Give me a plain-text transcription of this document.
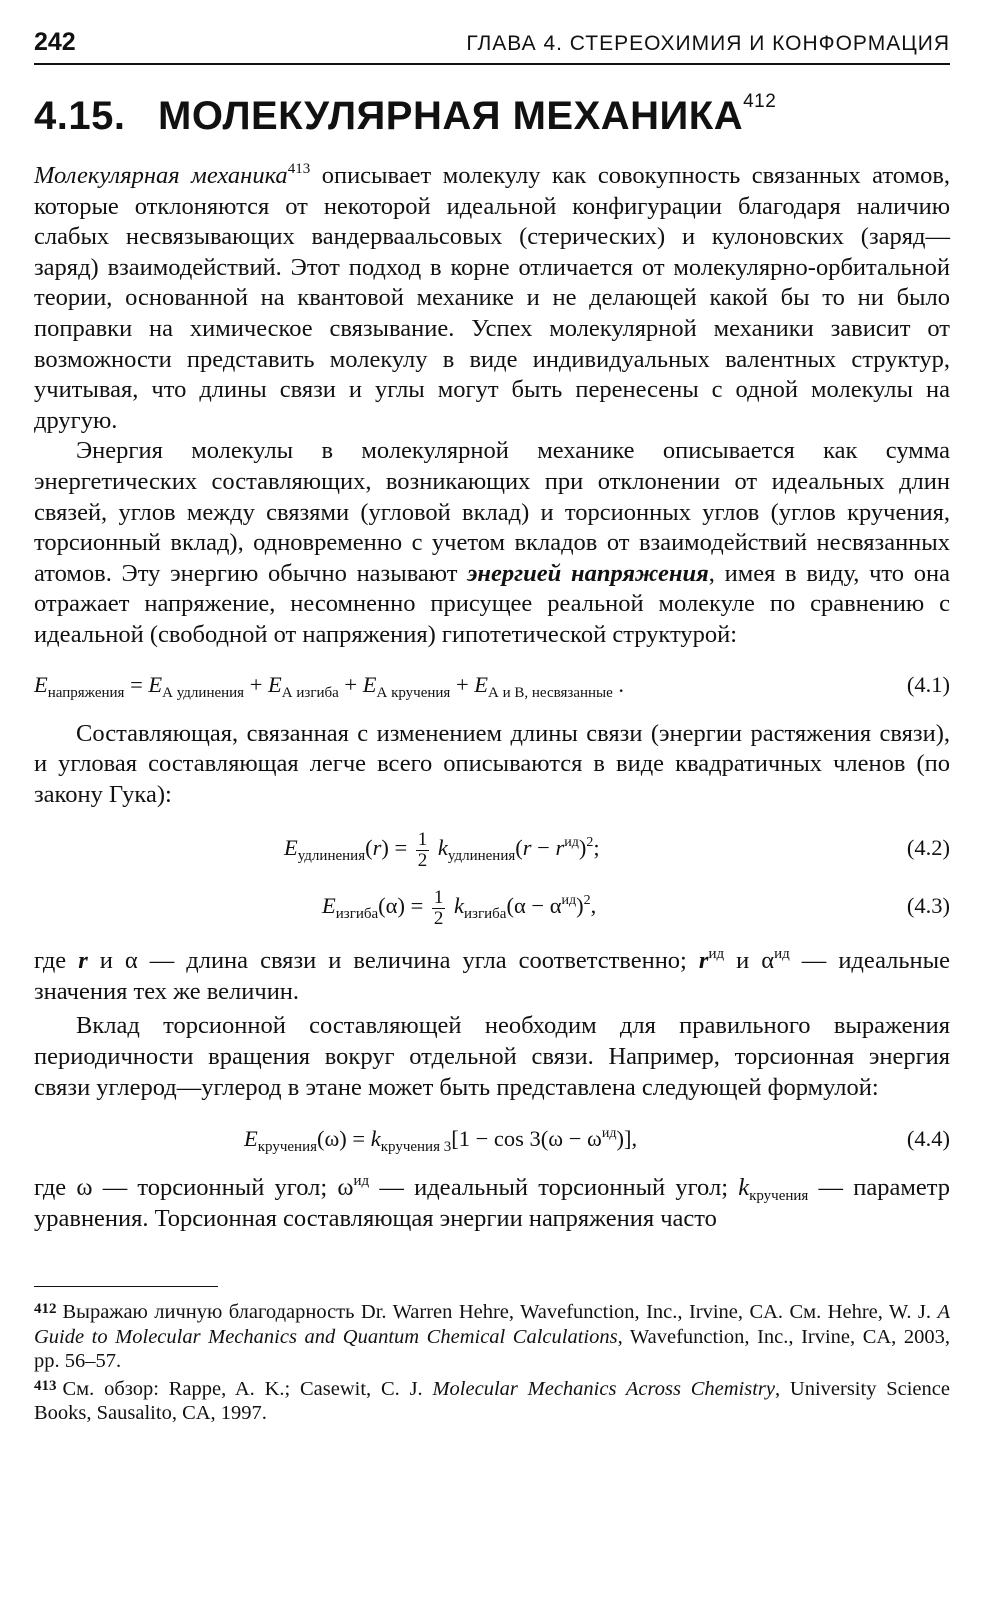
242	ГЛАВА 4. СТЕРЕОХИМИЯ И КОНФОРМАЦИЯ
4.15. МОЛЕКУЛЯРНАЯ МЕХАНИКА$^{412}$

Молекулярная механика$^{413}$ описывает молекулу как совокупность связанных атомов, которые отклоняются от некоторой идеальной конфигурации благодаря наличию слабых несвязывающих вандерваальсовых (стерических) и кулоновских (заряд—заряд) взаимодействий. Этот подход в корне отличается от молекулярно-орбитальной теории, основанной на квантовой механике и не делающей какой бы то ни было поправки на химическое связывание. Успех молекулярной механики зависит от возможности представить молекулу в виде индивидуальных валентных структур, учитывая, что длины связи и углы могут быть перенесены с одной молекулы на другую.

Энергия молекулы в молекулярной механике описывается как сумма энергетических составляющих, возникающих при отклонении от идеальных длин связей, углов между связями (угловой вклад) и торсионных углов (углов кручения, торсионный вклад), одновременно с учетом вкладов от взаимодействий несвязанных атомов. Эту энергию обычно называют энергией напряжения, имея в виду, что она отражает напряжение, несомненно присущее реальной молекуле по сравнению с идеальной (свободной от напряжения) гипотетической структурой:

$E_{напряжения} = E_{А удлинения} + E_{А изгиба} + E_{А кручения} + E_{А и В, несвязанные}$ .	(4.1)

Составляющая, связанная с изменением длины связи (энергии растяжения связи), и угловая составляющая легче всего описываются в виде квадратичных членов (по закону Гука):

$E_{удлинения}(r) = \frac{1}{2} k_{удлинения}(r - r^{ид})^2$;	(4.2)
$E_{изгиба}(\alpha) = \frac{1}{2} k_{изгиба}(\alpha - \alpha^{ид})^2$,	(4.3)

где r и α — длина связи и величина угла соответственно; r$^{ид}$ и α$^{ид}$ — идеальные значения тех же величин.

Вклад торсионной составляющей необходим для правильного выражения периодичности вращения вокруг отдельной связи. Например, торсионная энергия связи углерод—углерод в этане может быть представлена следующей формулой:

$E_{кручения}(\omega) = k_{кручения 3}[1 - \cos 3(\omega - \omega^{ид})]$,	(4.4)

где ω — торсионный угол; ω$^{ид}$ — идеальный торсионный угол; $k_{кручения}$ — параметр уравнения. Торсионная составляющая энергии напряжения часто

$^{412}$ Выражаю личную благодарность Dr. Warren Hehre, Wavefunction, Inc., Irvine, CA. См. Hehre, W. J. A Guide to Molecular Mechanics and Quantum Chemical Calculations, Wavefunction, Inc., Irvine, CA, 2003, pp. 56–57.

$^{413}$ См. обзор: Rappe, A. K.; Casewit, C. J. Molecular Mechanics Across Chemistry, University Science Books, Sausalito, CA, 1997.
